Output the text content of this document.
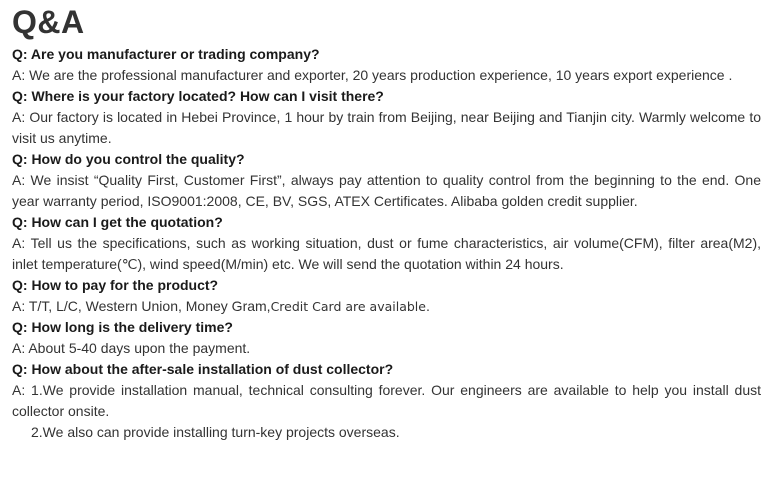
Q&A

Q: Are you manufacturer or trading company?

A: We are the professional manufacturer and exporter, 20 years production experience, 10 years export experience .

Q: Where is your factory located? How can I visit there?

A: Our factory is located in Hebei Province, 1 hour by train from Beijing, near Beijing and Tianjin city. Warmly welcome to visit us anytime.

Q: How do you control the quality?

A: We insist “Quality First, Customer First”, always pay attention to quality control from the beginning to the end. One year warranty period, ISO9001:2008, CE, BV, SGS, ATEX Certificates. Alibaba golden credit supplier.

Q: How can I get the quotation?

A: Tell us the specifications, such as working situation, dust or fume characteristics, air volume(CFM), filter area(M2), inlet temperature(℃), wind speed(M/min) etc. We will send the quotation within 24 hours.

Q: How to pay for the product?

A: T/T, L/C, Western Union, Money Gram,Credit Card are available.

Q: How long is the delivery time?

A: About 5-40 days upon the payment.

Q: How about the after-sale installation of dust collector?

A: 1.We provide installation manual, technical consulting forever. Our engineers are available to help you install dust collector onsite.

2.We also can provide installing turn-key projects overseas.
